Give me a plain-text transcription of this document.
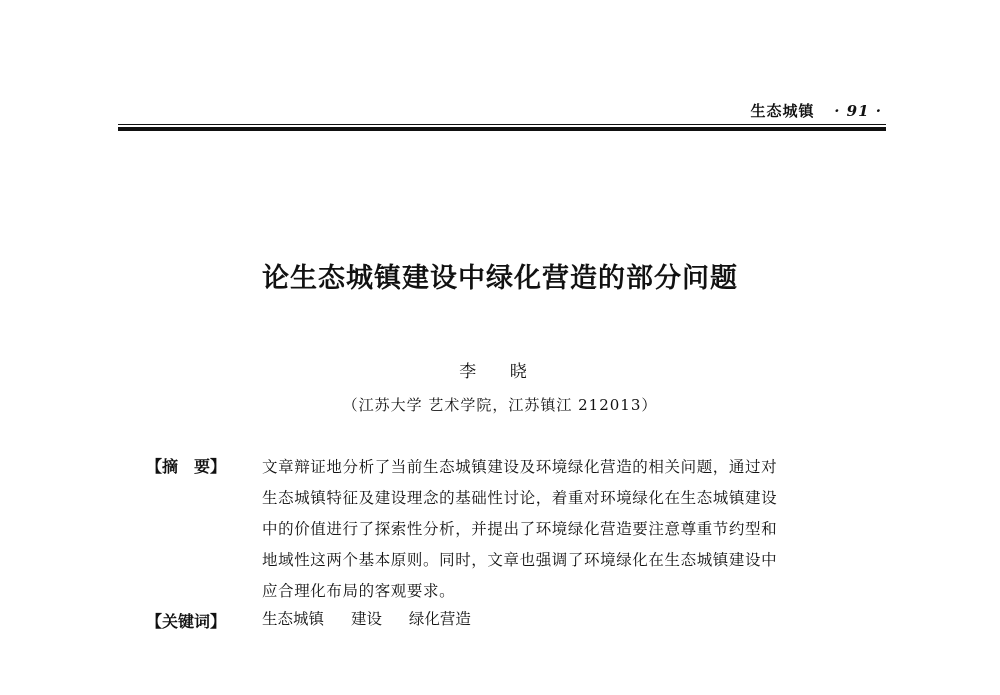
生态城镇 · 91 ·
论生态城镇建设中绿化营造的部分问题
李 晓
（江苏大学 艺术学院，江苏镇江 212013）
【摘　要】 文章辩证地分析了当前生态城镇建设及环境绿化营造的相关问题，通过对
生态城镇特征及建设理念的基础性讨论，着重对环境绿化在生态城镇建设
中的价值进行了探索性分析，并提出了环境绿化营造要注意尊重节约型和
地域性这两个基本原则。同时，文章也强调了环境绿化在生态城镇建设中
应合理化布局的客观要求。
【关键词】 生态城镇 建设 绿化营造
